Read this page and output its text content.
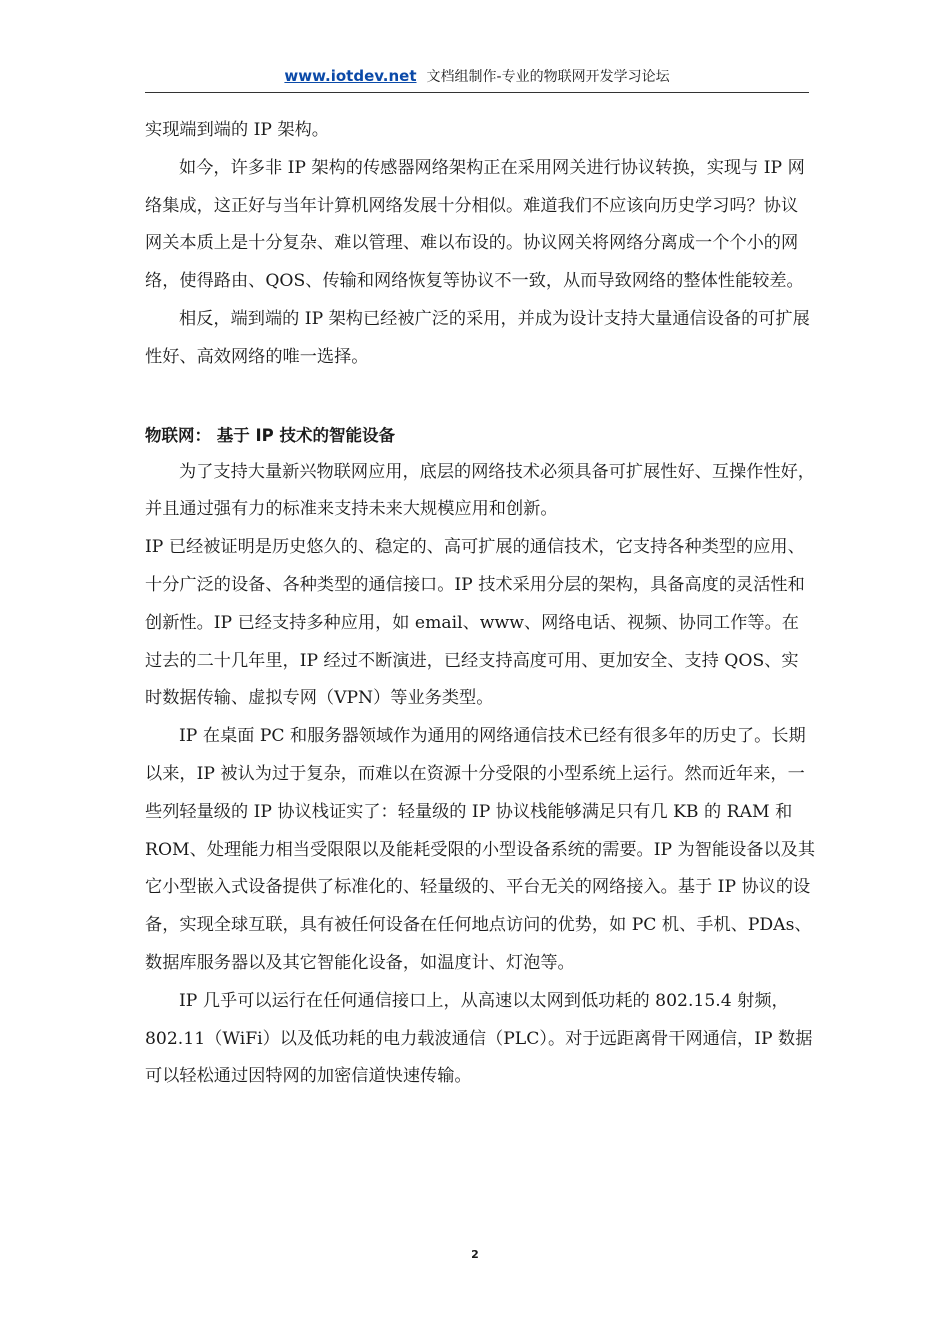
www.iotdev.net 文档组制作-专业的物联网开发学习论坛

实现端到端的 IP 架构。

如今，许多非 IP 架构的传感器网络架构正在采用网关进行协议转换，实现与 IP 网络集成，这正好与当年计算机网络发展十分相似。难道我们不应该向历史学习吗？协议网关本质上是十分复杂、难以管理、难以布设的。协议网关将网络分离成一个个小的网络，使得路由、QOS、传输和网络恢复等协议不一致，从而导致网络的整体性能较差。

相反，端到端的 IP 架构已经被广泛的采用，并成为设计支持大量通信设备的可扩展性好、高效网络的唯一选择。

物联网： 基于 IP 技术的智能设备

为了支持大量新兴物联网应用，底层的网络技术必须具备可扩展性好、互操作性好，并且通过强有力的标准来支持未来大规模应用和创新。

IP 已经被证明是历史悠久的、稳定的、高可扩展的通信技术，它支持各种类型的应用、十分广泛的设备、各种类型的通信接口。IP 技术采用分层的架构，具备高度的灵活性和创新性。IP 已经支持多种应用，如 email、www、网络电话、视频、协同工作等。在过去的二十几年里，IP 经过不断演进，已经支持高度可用、更加安全、支持 QOS、实时数据传输、虚拟专网（VPN）等业务类型。

IP 在桌面 PC 和服务器领域作为通用的网络通信技术已经有很多年的历史了。长期以来，IP 被认为过于复杂，而难以在资源十分受限的小型系统上运行。然而近年来，一些列轻量级的 IP 协议栈证实了：轻量级的 IP 协议栈能够满足只有几 KB 的 RAM 和 ROM、处理能力相当受限限以及能耗受限的小型设备系统的需要。IP 为智能设备以及其它小型嵌入式设备提供了标准化的、轻量级的、平台无关的网络接入。基于 IP 协议的设备，实现全球互联，具有被任何设备在任何地点访问的优势，如 PC 机、手机、PDAs、数据库服务器以及其它智能化设备，如温度计、灯泡等。

IP 几乎可以运行在任何通信接口上，从高速以太网到低功耗的 802.15.4 射频，802.11（WiFi）以及低功耗的电力载波通信（PLC）。对于远距离骨干网通信，IP 数据可以轻松通过因特网的加密信道快速传输。

2
